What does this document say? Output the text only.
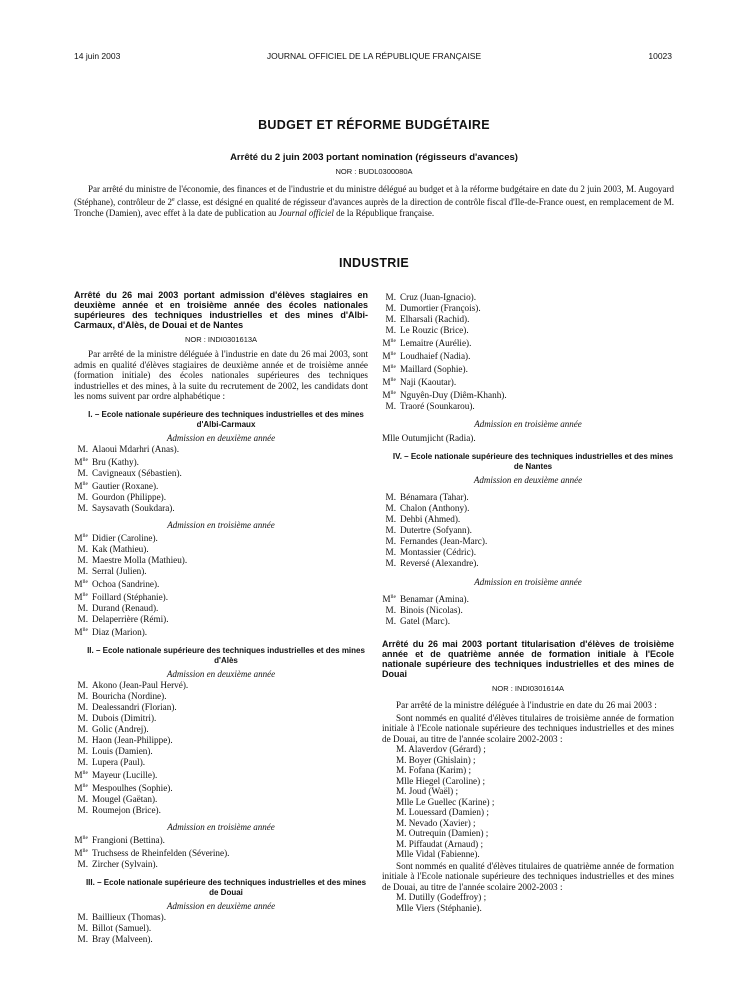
14 juin 2003	JOURNAL OFFICIEL DE LA RÉPUBLIQUE FRANÇAISE	10023
BUDGET ET RÉFORME BUDGÉTAIRE
Arrêté du 2 juin 2003 portant nomination (régisseurs d'avances)
NOR : BUDL0300080A
Par arrêté du ministre de l'économie, des finances et de l'industrie et du ministre délégué au budget et à la réforme budgétaire en date du 2 juin 2003, M. Augoyard (Stéphane), contrôleur de 2e classe, est désigné en qualité de régisseur d'avances auprès de la direction de contrôle fiscal d'Ile-de-France ouest, en remplacement de M. Tronche (Damien), avec effet à la date de publication au Journal officiel de la République française.
INDUSTRIE
Arrêté du 26 mai 2003 portant admission d'élèves stagiaires en deuxième année et en troisième année des écoles nationales supérieures des techniques industrielles et des mines d'Albi-Carmaux, d'Alès, de Douai et de Nantes
NOR : INDI0301613A
Par arrêté de la ministre déléguée à l'industrie en date du 26 mai 2003, sont admis en qualité d'élèves stagiaires de deuxième année et de troisième année (formation initiale) des écoles nationales supérieures des techniques industrielles et des mines, à la suite du recrutement de 2002, les candidats dont les noms suivent par ordre alphabétique :
I. – Ecole nationale supérieure des techniques industrielles et des mines d'Albi-Carmaux
Admission en deuxième année
M. Alaoui Mdarhri (Anas).
$M^{lle}$ Bru (Kathy).
M. Cavigneaux (Sébastien).
$M^{lle}$ Gautier (Roxane).
M. Gourdon (Philippe).
M. Saysavath (Soukdara).
Admission en troisième année
$M^{lle}$ Didier (Caroline).
M. Kak (Mathieu).
M. Maestre Molla (Mathieu).
M. Serral (Julien).
$M^{lle}$ Ochoa (Sandrine).
$M^{lle}$ Foillard (Stéphanie).
M. Durand (Renaud).
M. Delaperrière (Rémi).
$M^{lle}$ Diaz (Marion).
II. – Ecole nationale supérieure des techniques industrielles et des mines d'Alès
Admission en deuxième année
M. Akono (Jean-Paul Hervé).
M. Bouricha (Nordine).
M. Dealessandri (Florian).
M. Dubois (Dimitri).
M. Golic (Andrej).
M. Haon (Jean-Philippe).
M. Louis (Damien).
M. Lupera (Paul).
$M^{lle}$ Mayeur (Lucille).
$M^{lle}$ Mespoulhes (Sophie).
M. Mougel (Gaëtan).
M. Roumejon (Brice).
Admission en troisième année
$M^{lle}$ Frangioni (Bettina).
$M^{lle}$ Truchsess de Rheinfelden (Séverine).
M. Zircher (Sylvain).
III. – Ecole nationale supérieure des techniques industrielles et des mines de Douai
Admission en deuxième année
M. Baillieux (Thomas).
M. Billot (Samuel).
M. Bray (Malveen).
M. Cruz (Juan-Ignacio).
M. Dumortier (François).
M. Elharsali (Rachid).
M. Le Rouzic (Brice).
$M^{lle}$ Lemaitre (Aurélie).
$M^{lle}$ Loudhaief (Nadia).
$M^{lle}$ Maillard (Sophie).
$M^{lle}$ Naji (Kaoutar).
$M^{lle}$ Nguyên-Duy (Diêm-Khanh).
M. Traoré (Sounkarou).
Admission en troisième année
Mlle Outumjicht (Radia).
IV. – Ecole nationale supérieure des techniques industrielles et des mines de Nantes
Admission en deuxième année
M. Bénamara (Tahar).
M. Chalon (Anthony).
M. Dehbi (Ahmed).
M. Dutertre (Sofyann).
M. Fernandes (Jean-Marc).
M. Montassier (Cédric).
M. Reversé (Alexandre).
Admission en troisième année
$M^{lle}$ Benamar (Amina).
M. Binois (Nicolas).
M. Gatel (Marc).
Arrêté du 26 mai 2003 portant titularisation d'élèves de troisième année et de quatrième année de formation initiale à l'Ecole nationale supérieure des techniques industrielles et des mines de Douai
NOR : INDI0301614A
Par arrêté de la ministre déléguée à l'industrie en date du 26 mai 2003 :
Sont nommés en qualité d'élèves titulaires de troisième année de formation initiale à l'Ecole nationale supérieure des techniques industrielles et des mines de Douai, au titre de l'année scolaire 2002-2003 :
M. Alaverdov (Gérard) ;
M. Boyer (Ghislain) ;
M. Fofana (Karim) ;
Mlle Hiegel (Caroline) ;
M. Joud (Waël) ;
Mlle Le Guellec (Karine) ;
M. Louessard (Damien) ;
M. Nevado (Xavier) ;
M. Outrequin (Damien) ;
M. Piffaudat (Arnaud) ;
Mlle Vidal (Fabienne).
Sont nommés en qualité d'élèves titulaires de quatrième année de formation initiale à l'Ecole nationale supérieure des techniques industrielles et des mines de Douai, au titre de l'année scolaire 2002-2003 :
M. Dutilly (Godeffroy) ;
Mlle Viers (Stéphanie).
